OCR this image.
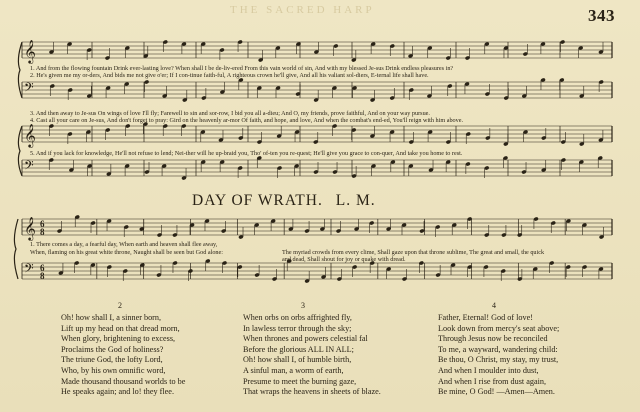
THE SACRED HARP	343
𝄞
𝄢
𝄞
𝄢
𝄞 6
8
𝄢 6
8
1. And from the flowing fountain Drink ever-lasting love? When shall I be de-liv-ered From this vain world of sin, And with my blessed Je-sus Drink endless pleasures in?
2. He's given me my or-ders, And bids me not give o'er; If I con-tinue faith-ful, A righteous crown he'll give, And all his valiant sol-diers, E-ternal life shall have.
3. And then away to Je-sus On wings of love I'll fly; Farewell to sin and sor-row, I bid you all a-dieu; And O, my friends, prove faithful, And on your way pursue.
4. Cast all your care on Je-sus, And don't forget to pray: Gird on the heavenly ar-mor Of faith, and hope, and love, And when the combat's end-ed, You'll reign with him above.
5. And if you lack for knowledge, He'll not refuse to lend; Nei-ther will he up-braid you, Tho' of-ten you re-quest; He'll give you grace to con-quer, And take you home to rest.
DAY OF WRATH. L. M.
1. There comes a day, a fearful day, When earth and heaven shall flee away,
When, flaming on his great white throne, Naught shall be seen but God alone:	The myriad crowds from every clime, Shall gaze upon that throne sublime, The great and small, the quick
and dead, Shall shout for joy or quake with dread.
2	3	4
Oh! how shall I, a sinner born,
Lift up my head on that dread morn,
When glory, brightening to excess,
Proclaims the God of holiness?
The triune God, the lofty Lord,
Who, by his own omnific word,
Made thousand thousand worlds to be
He speaks again; and lo! they flee.
When orbs on orbs affrighted fly,
In lawless terror through the sky;
When thrones and powers celestial fal
Before the glorious ALL IN ALL;
Oh! how shall I, of humble birth,
A sinful man, a worm of earth,
Presume to meet the burning gaze,
That wraps the heavens in sheets of blaze.
Father, Eternal! God of love!
Look down from mercy's seat above;
Through Jesus now be reconciled
To me, a wayward, wandering child:
Be thou, O Christ, my stay, my trust,
And when I moulder into dust,
And when I rise from dust again,
Be mine, O God! —Amen—Amen.
